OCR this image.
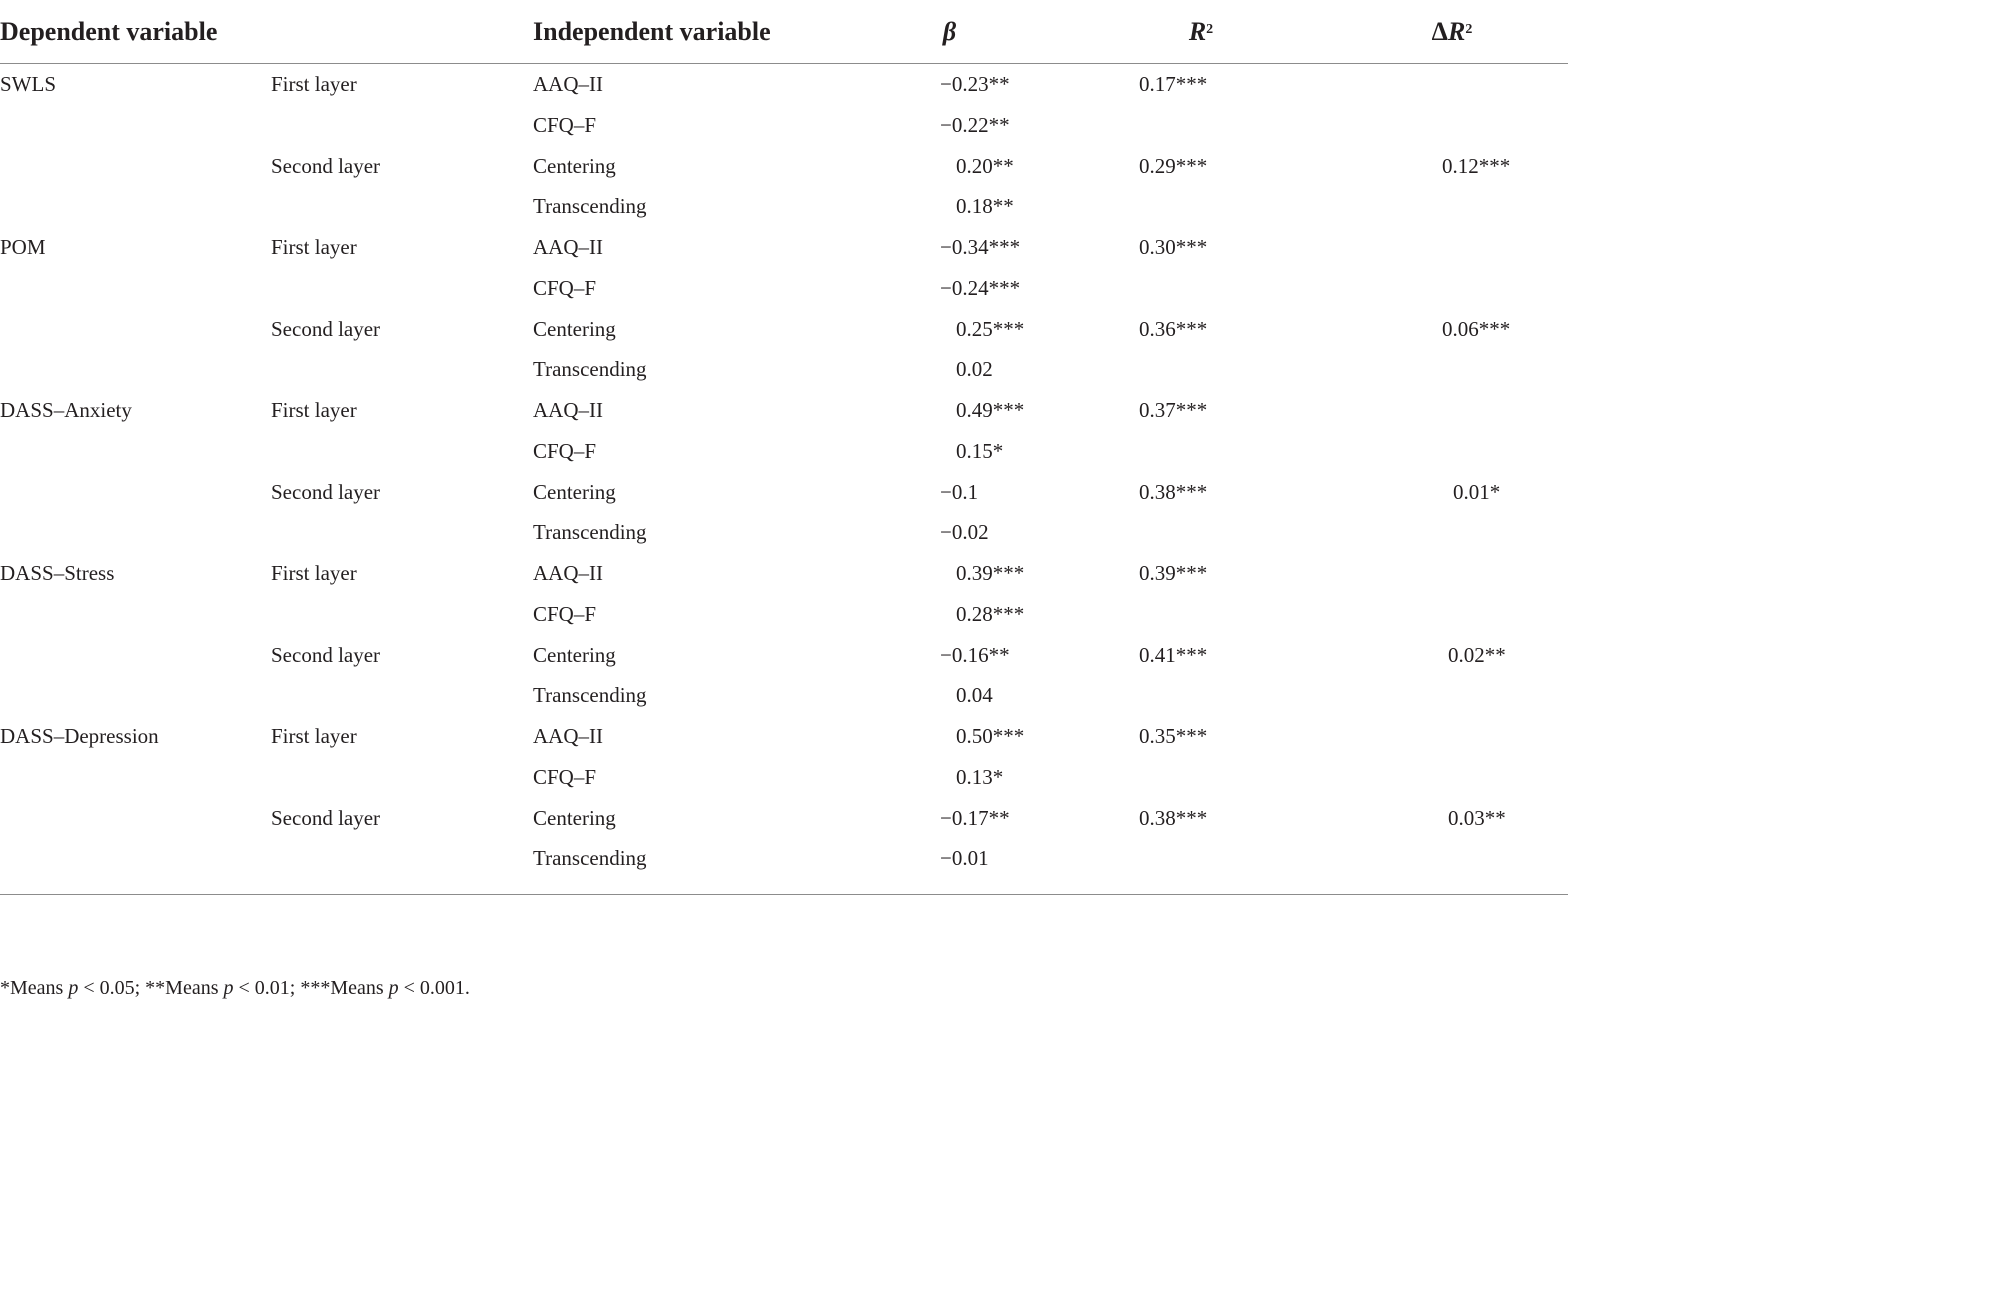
Dependent variable		Independent variable	β	$R^2$	$\Delta R^2$
SWLS	First layer	AAQ–II	−0.23**	0.17***	
		CFQ–F	−0.22**		
	Second layer	Centering	0.20**	0.29***	0.12***
		Transcending	0.18**		
POM	First layer	AAQ–II	−0.34***	0.30***	
		CFQ–F	−0.24***		
	Second layer	Centering	0.25***	0.36***	0.06***
		Transcending	0.02		
DASS–Anxiety	First layer	AAQ–II	0.49***	0.37***	
		CFQ–F	0.15*		
	Second layer	Centering	−0.1	0.38***	0.01*
		Transcending	−0.02		
DASS–Stress	First layer	AAQ–II	0.39***	0.39***	
		CFQ–F	0.28***		
	Second layer	Centering	−0.16**	0.41***	0.02**
		Transcending	0.04		
DASS–Depression	First layer	AAQ–II	0.50***	0.35***	
		CFQ–F	0.13*		
	Second layer	Centering	−0.17**	0.38***	0.03**
		Transcending	−0.01		
*Means p < 0.05; **Means p < 0.01; ***Means p < 0.001.
